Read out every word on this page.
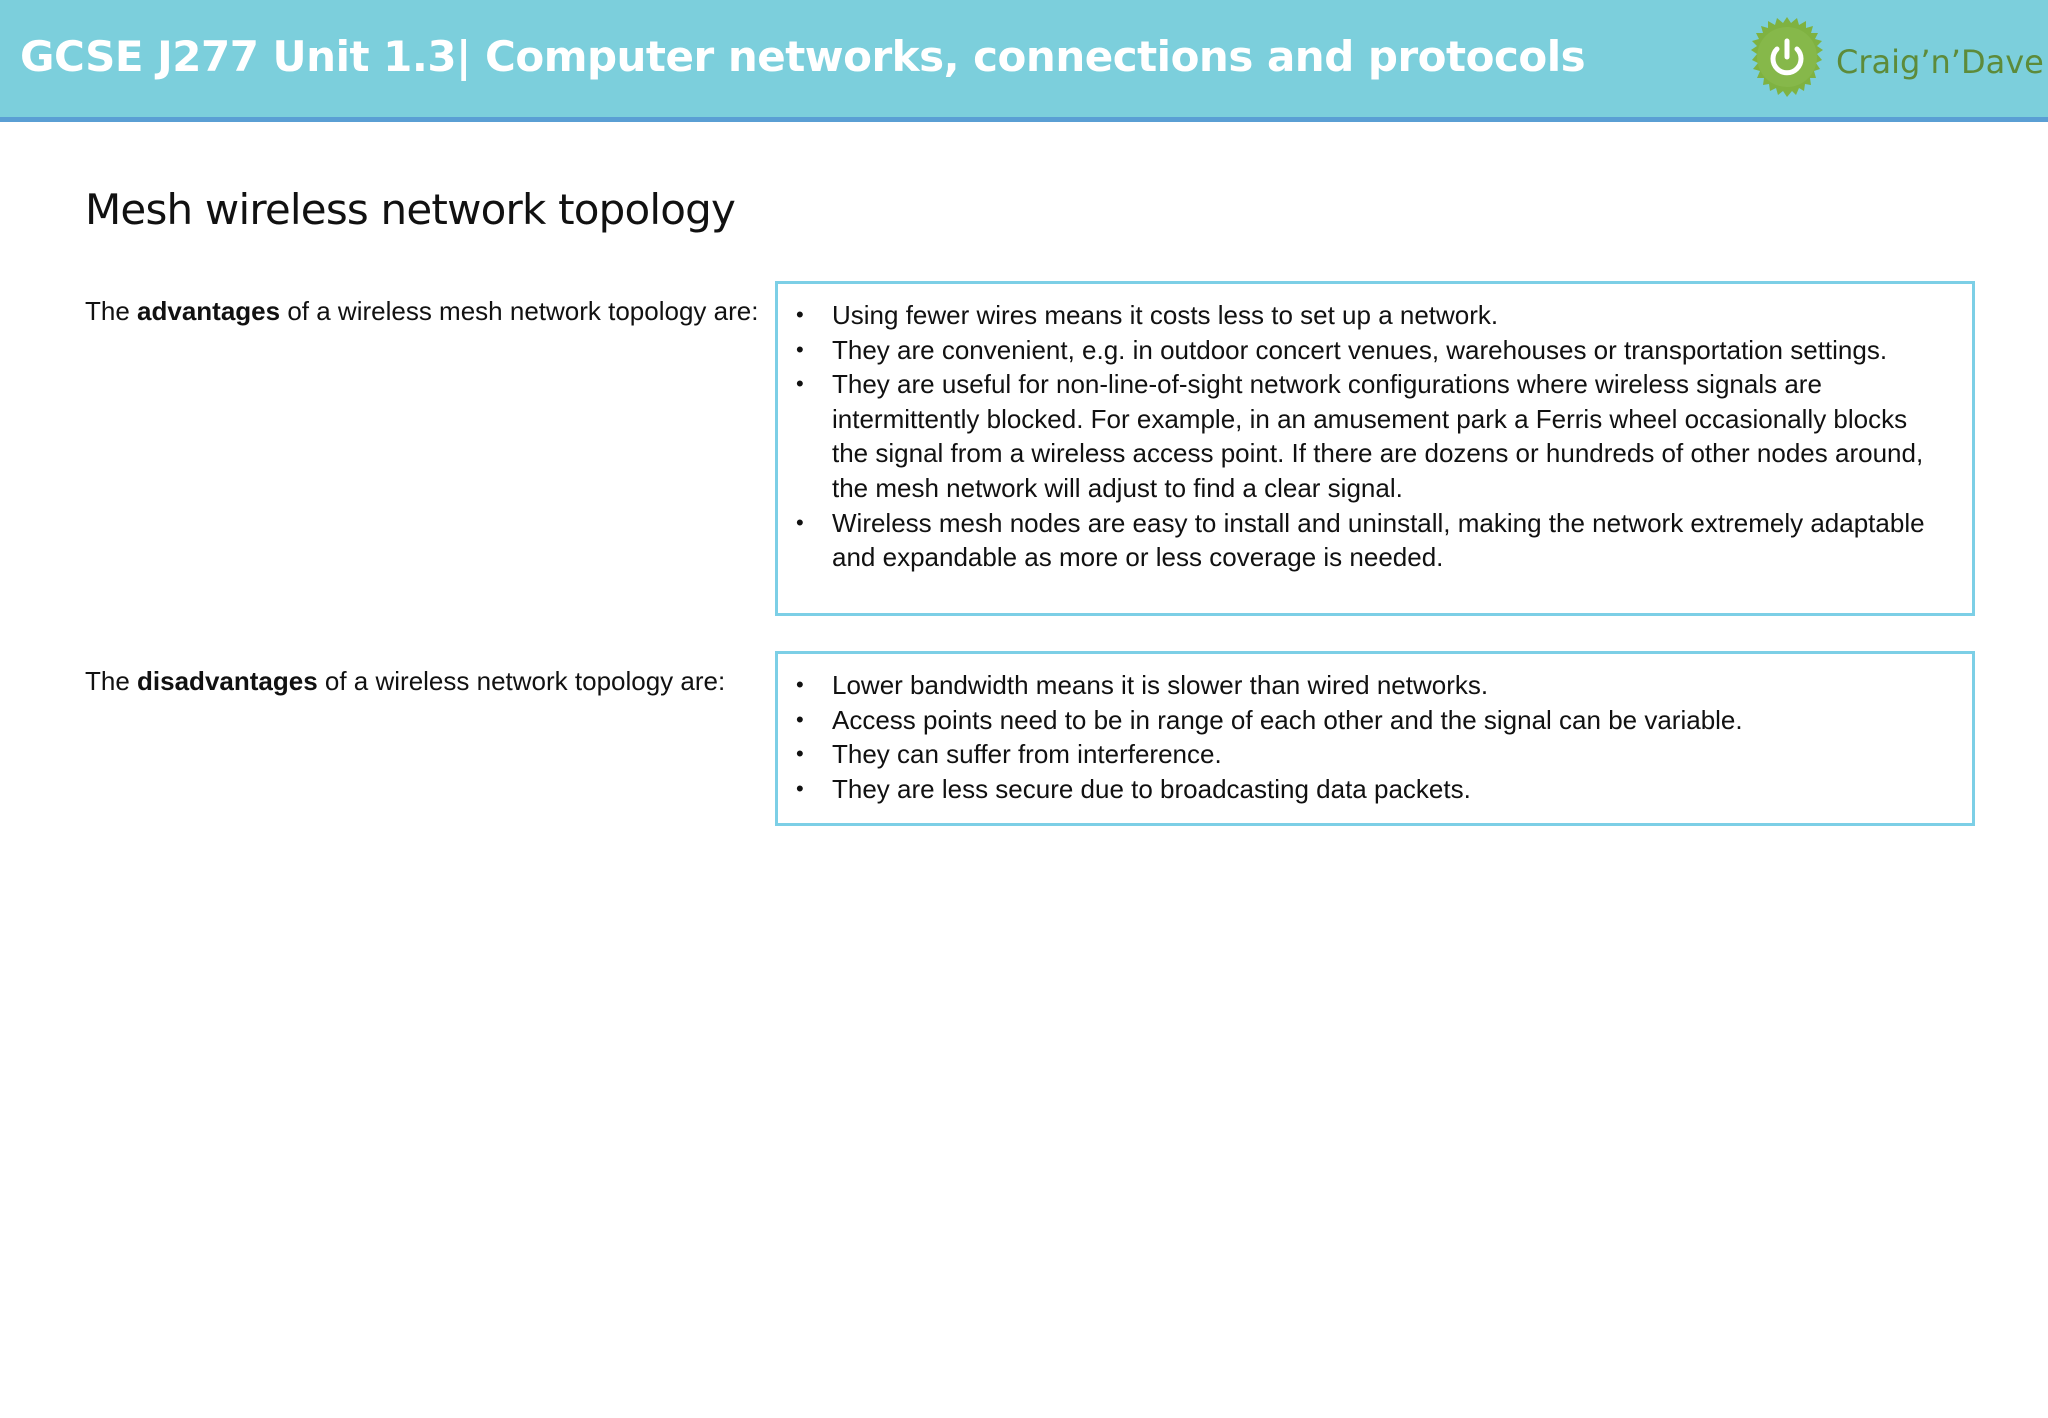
GCSE J277 Unit 1.3| Computer networks, connections and protocols	Craig’n’Dave
Mesh wireless network topology
The advantages of a wireless mesh network topology are: • Using fewer wires means it costs less to set up a network.
• They are convenient, e.g. in outdoor concert venues, warehouses or transportation settings.
• They are useful for non-line-of-sight network configurations where wireless signals are intermittently blocked. For example, in an amusement park a Ferris wheel occasionally blocks the signal from a wireless access point. If there are dozens or hundreds of other nodes around, the mesh network will adjust to find a clear signal.
• Wireless mesh nodes are easy to install and uninstall, making the network extremely adaptable and expandable as more or less coverage is needed.
The disadvantages of a wireless network topology are:	• Lower bandwidth means it is slower than wired networks.
• Access points need to be in range of each other and the signal can be variable.
• They can suffer from interference.
• They are less secure due to broadcasting data packets.
